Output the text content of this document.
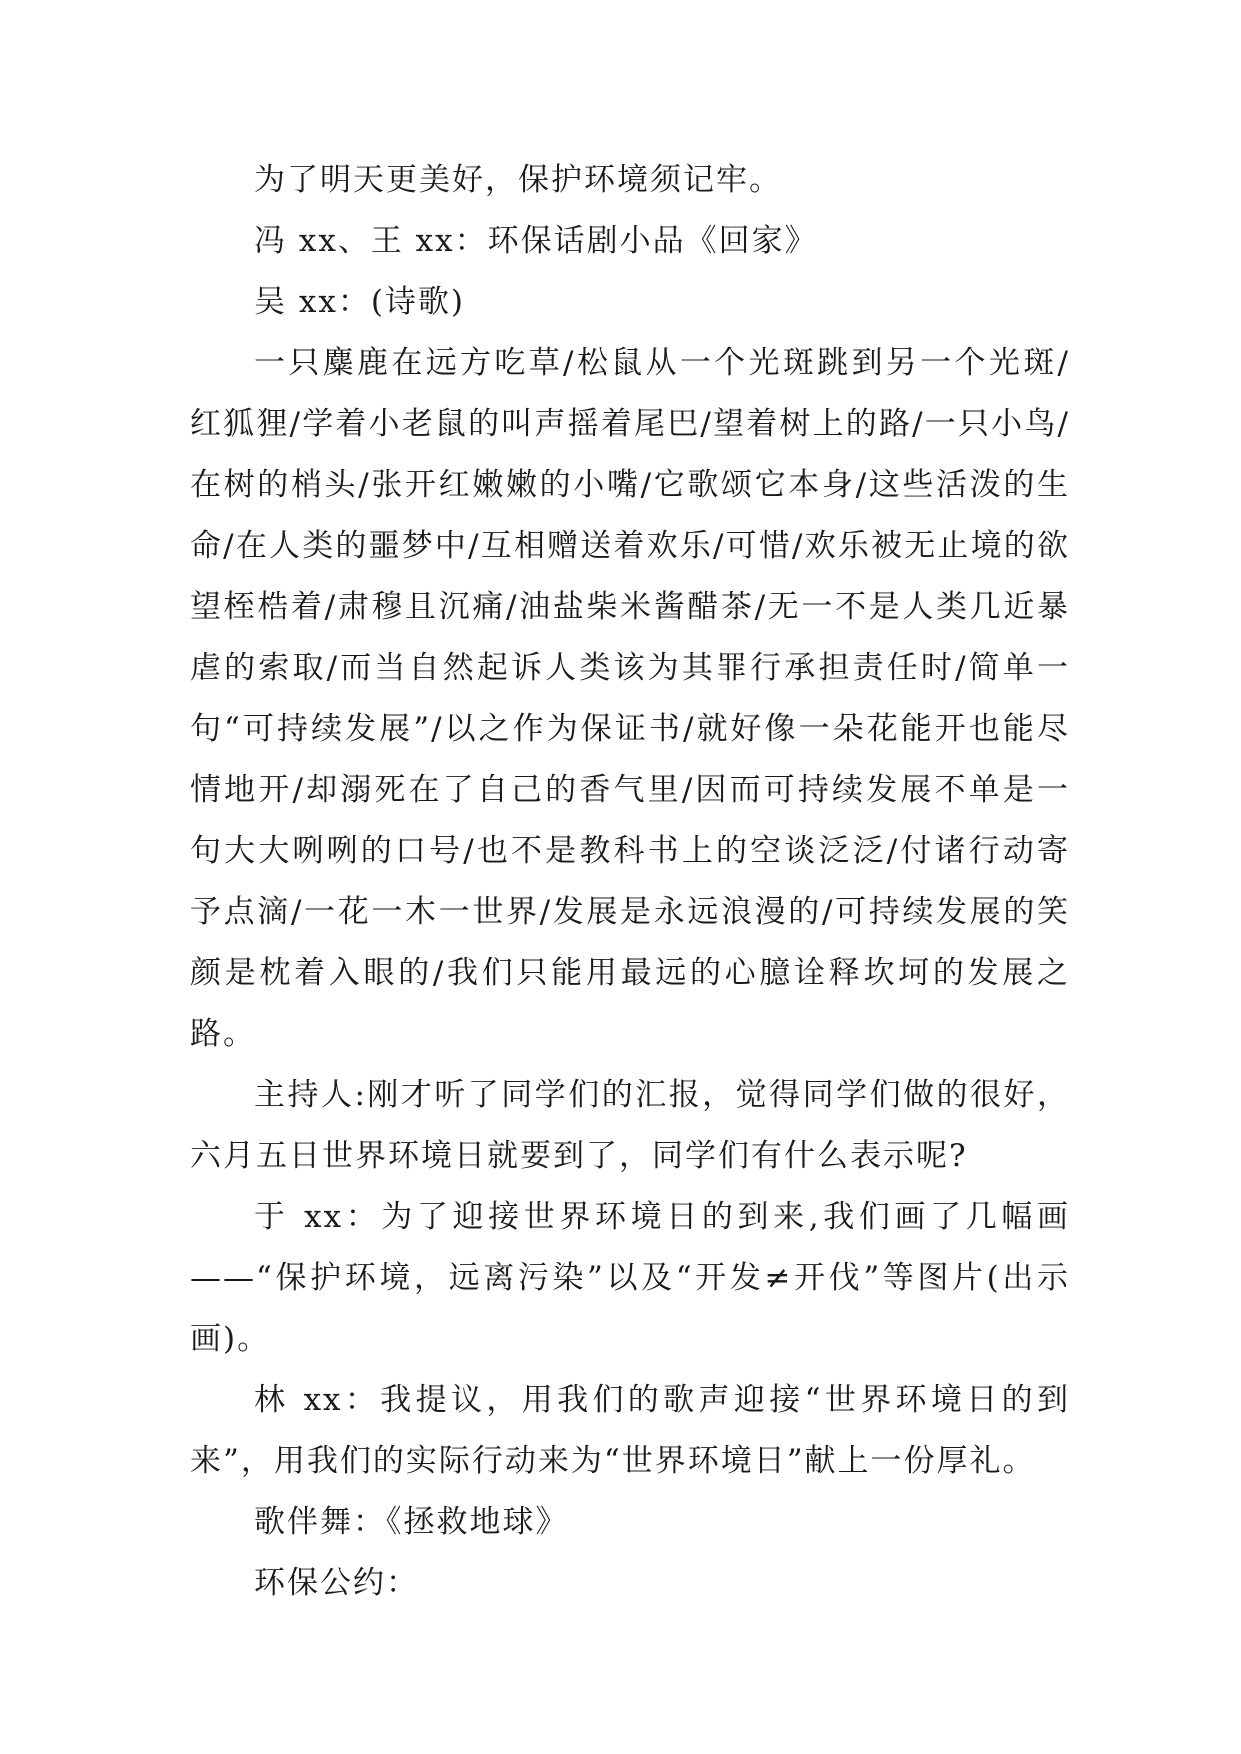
为了明天更美好，保护环境须记牢。

冯 xx、王 xx：环保话剧小品《回家》

吴 xx：(诗歌)

一只麋鹿在远方吃草/松鼠从一个光斑跳到另一个光斑/红狐狸/学着小老鼠的叫声摇着尾巴/望着树上的路/一只小鸟/在树的梢头/张开红嫩嫩的小嘴/它歌颂它本身/这些活泼的生命/在人类的噩梦中/互相赠送着欢乐/可惜/欢乐被无止境的欲望桎梏着/肃穆且沉痛/油盐柴米酱醋茶/无一不是人类几近暴虐的索取/而当自然起诉人类该为其罪行承担责任时/简单一句“可持续发展”/以之作为保证书/就好像一朵花能开也能尽情地开/却溺死在了自己的香气里/因而可持续发展不单是一句大大咧咧的口号/也不是教科书上的空谈泛泛/付诸行动寄予点滴/一花一木一世界/发展是永远浪漫的/可持续发展的笑颜是枕着入眼的/我们只能用最远的心臆诠释坎坷的发展之路。

主持人:刚才听了同学们的汇报，觉得同学们做的很好，六月五日世界环境日就要到了，同学们有什么表示呢?

于 xx：为了迎接世界环境日的到来,我们画了几幅画——“保护环境，远离污染”以及“开发≠开伐”等图片(出示画)。

林 xx：我提议，用我们的歌声迎接“世界环境日的到来”，用我们的实际行动来为“世界环境日”献上一份厚礼。

歌伴舞：《拯救地球》

环保公约：
